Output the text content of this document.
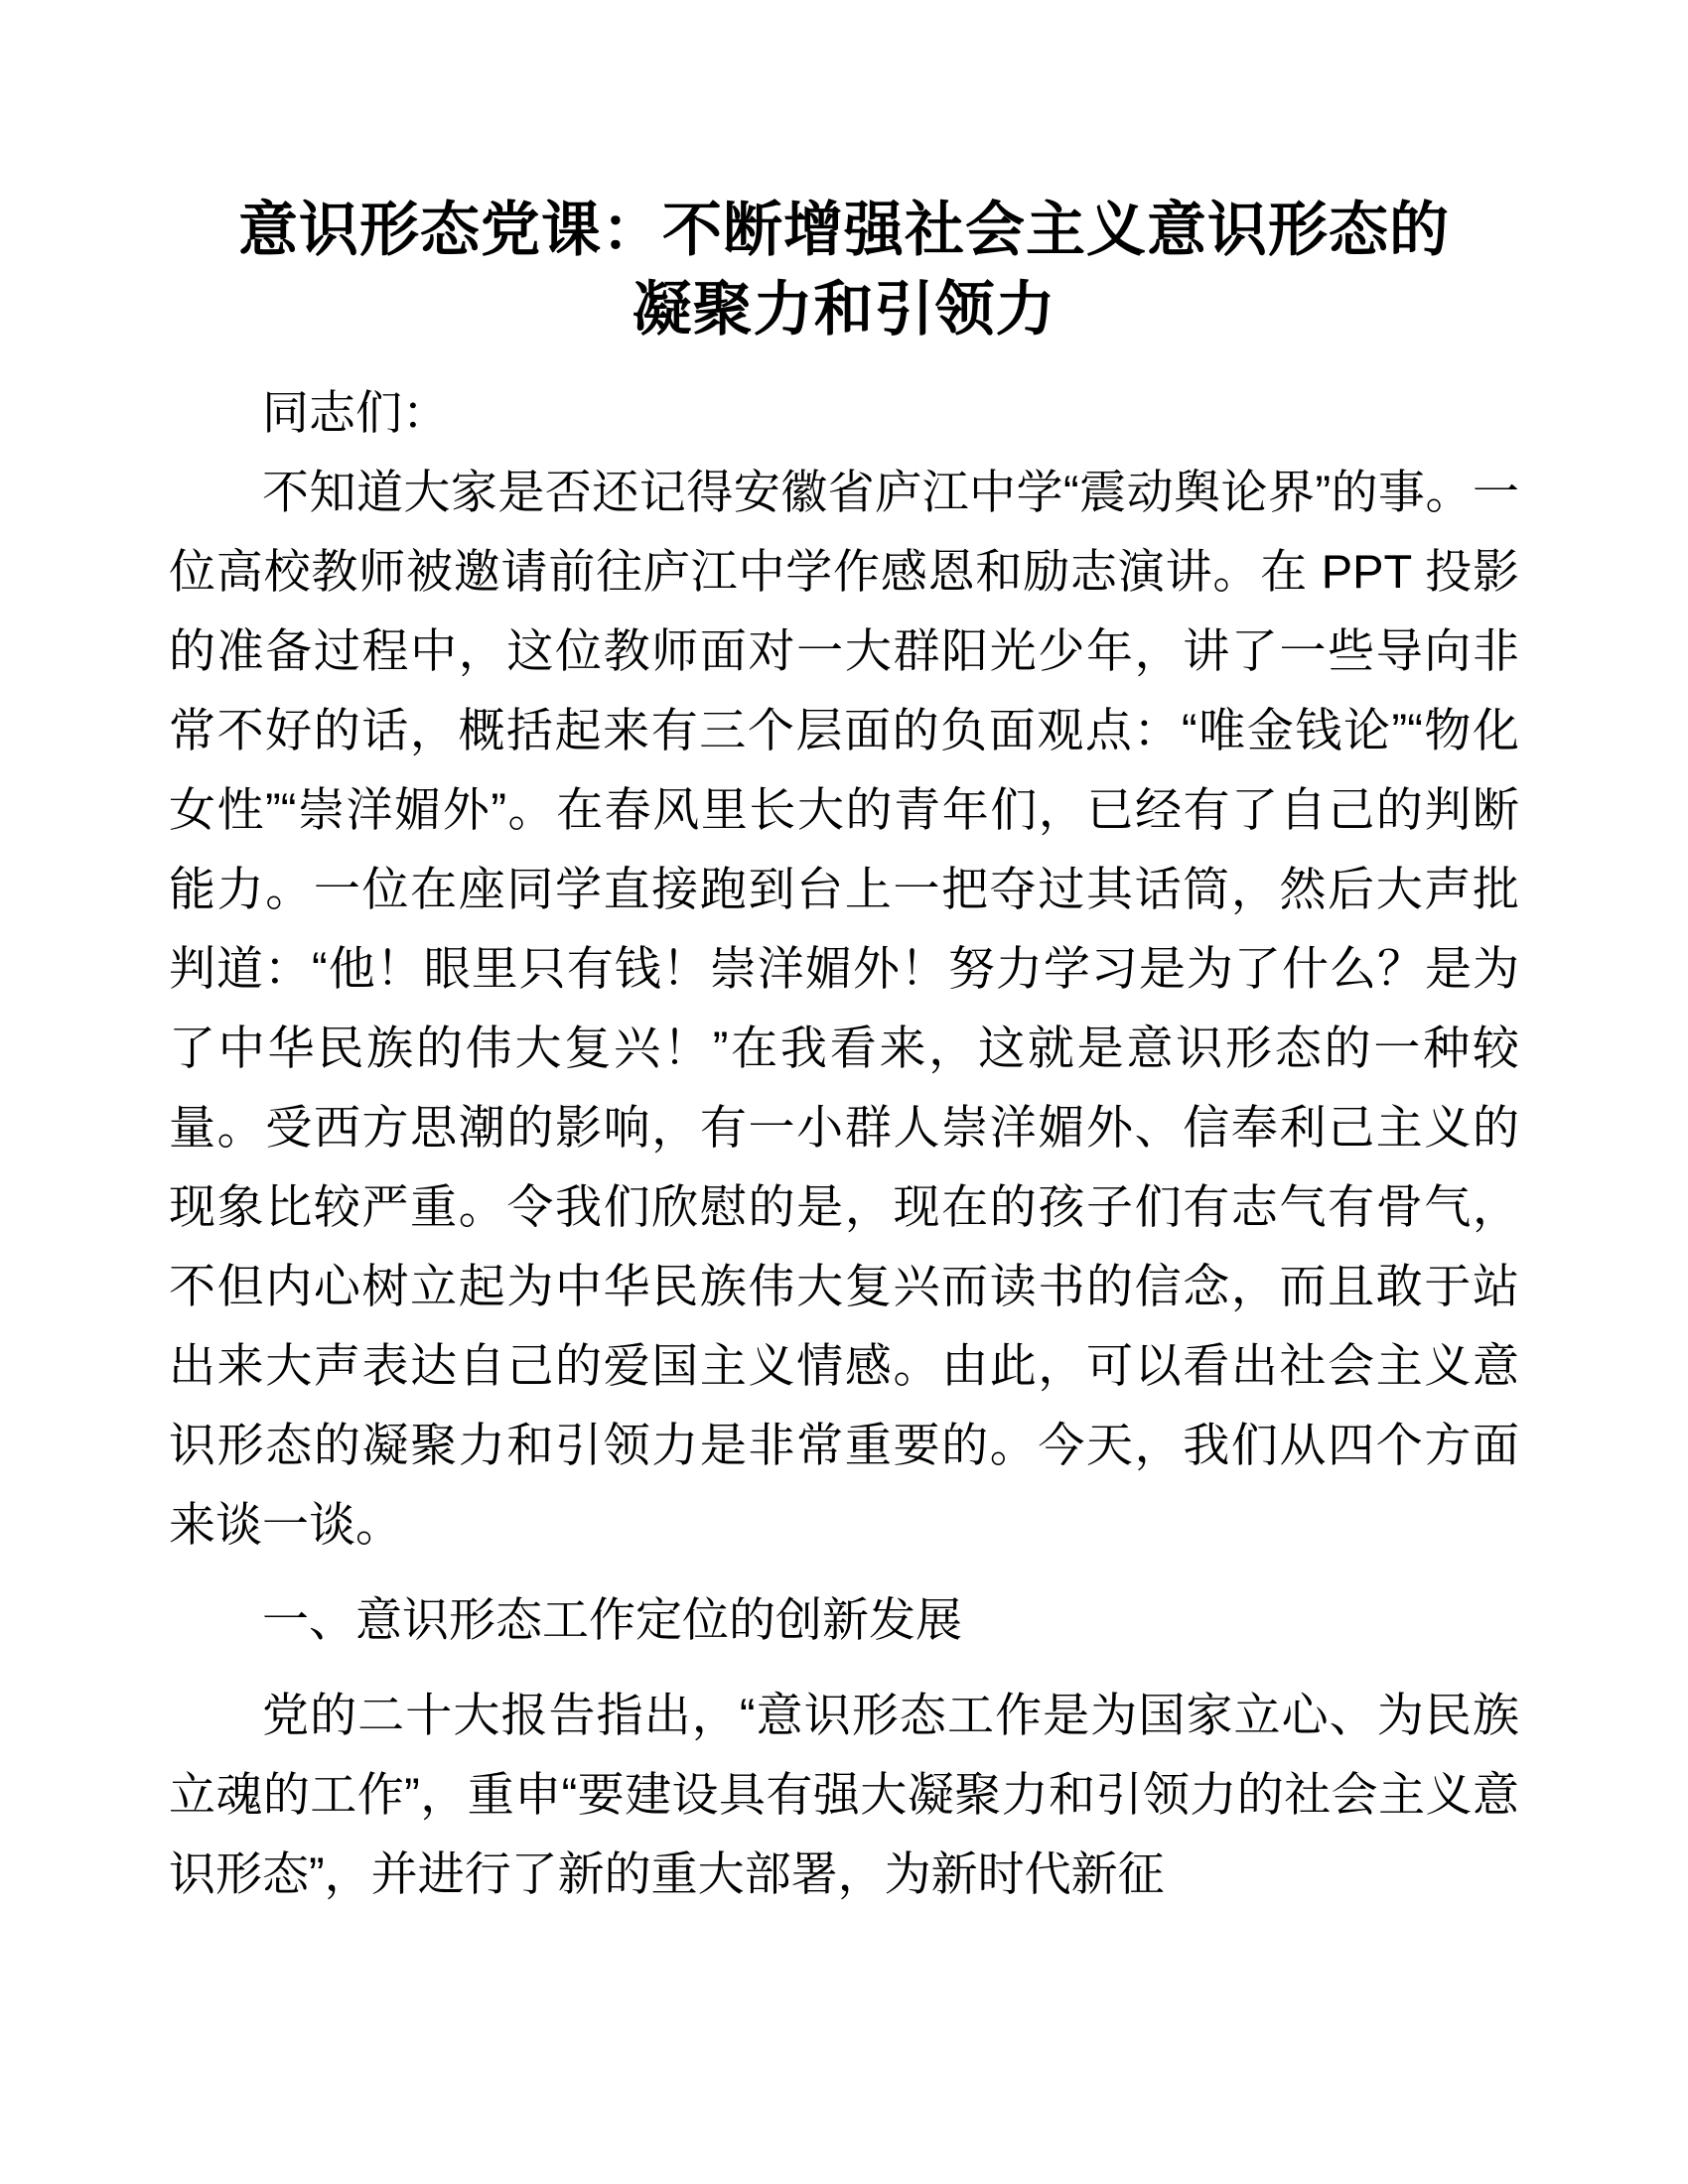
意识形态党课：不断增强社会主义意识形态的
凝聚力和引领力

同志们：

不知道大家是否还记得安徽省庐江中学“震动舆论界”的事。一位高校教师被邀请前往庐江中学作感恩和励志演讲。在 PPT 投影的准备过程中，这位教师面对一大群阳光少年，讲了一些导向非常不好的话，概括起来有三个层面的负面观点：“唯金钱论”“物化女性”“崇洋媚外”。在春风里长大的青年们，已经有了自己的判断能力。一位在座同学直接跑到台上一把夺过其话筒，然后大声批判道：“他！眼里只有钱！崇洋媚外！努力学习是为了什么？是为了中华民族的伟大复兴！”在我看来，这就是意识形态的一种较量。受西方思潮的影响，有一小群人崇洋媚外、信奉利己主义的现象比较严重。令我们欣慰的是，现在的孩子们有志气有骨气，不但内心树立起为中华民族伟大复兴而读书的信念，而且敢于站出来大声表达自己的爱国主义情感。由此，可以看出社会主义意识形态的凝聚力和引领力是非常重要的。今天，我们从四个方面来谈一谈。

一、意识形态工作定位的创新发展

党的二十大报告指出，“意识形态工作是为国家立心、为民族立魂的工作”，重申“要建设具有强大凝聚力和引领力的社会主义意识形态”，并进行了新的重大部署，为新时代新征
